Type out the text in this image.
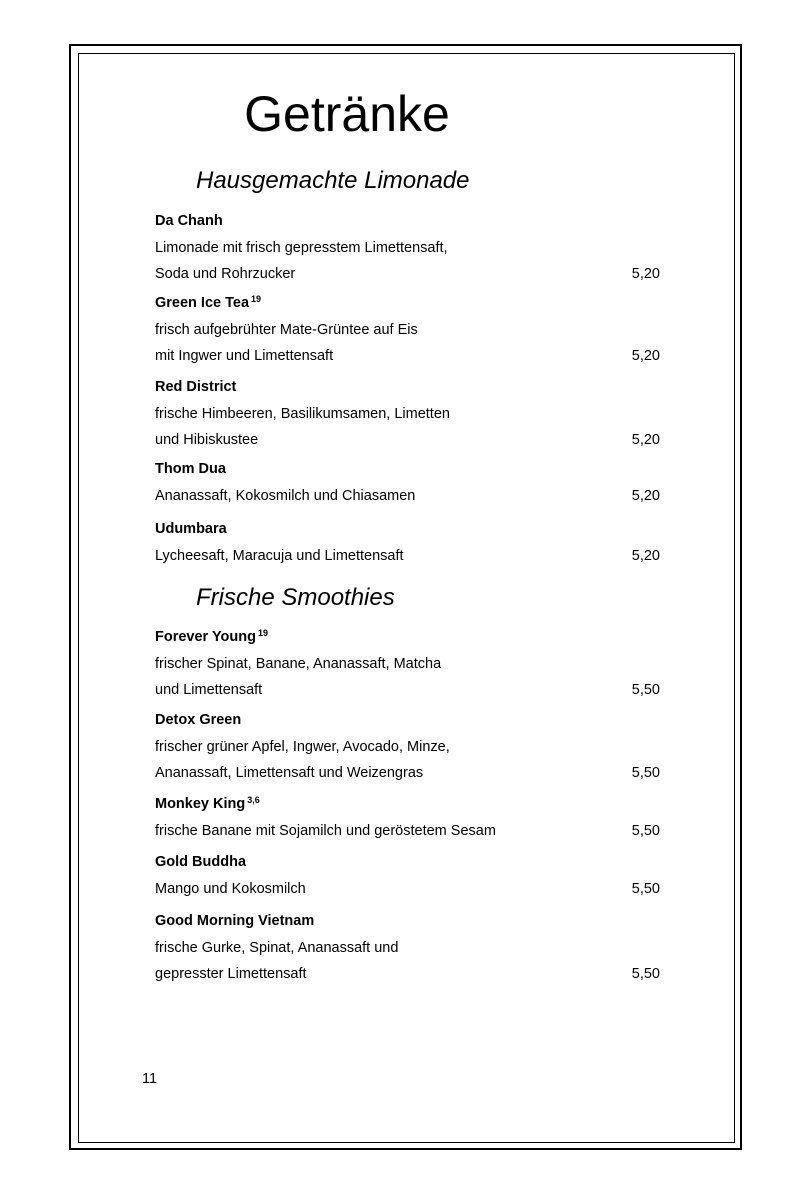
Getränke
Hausgemachte Limonade
Da Chanh
Limonade mit frisch gepresstem Limettensaft,
Soda und Rohrzucker	5,20
Green Ice Tea $^{19}$
frisch aufgebrühter Mate-Grüntee auf Eis
mit Ingwer und Limettensaft	5,20
Red District
frische Himbeeren, Basilikumsamen, Limetten
und Hibiskustee	5,20
Thom Dua
Ananassaft, Kokosmilch und Chiasamen	5,20
Udumbara
Lycheesaft, Maracuja und Limettensaft	5,20
Frische Smoothies
Forever Young $^{19}$
frischer Spinat, Banane, Ananassaft, Matcha
und Limettensaft	5,50
Detox Green
frischer grüner Apfel, Ingwer, Avocado, Minze,
Ananassaft, Limettensaft und Weizengras	5,50
Monkey King $^{3,6}$
frische Banane mit Sojamilch und geröstetem Sesam	5,50
Gold Buddha
Mango und Kokosmilch	5,50
Good Morning Vietnam
frische Gurke, Spinat, Ananassaft und
gepresster Limettensaft	5,50
11
